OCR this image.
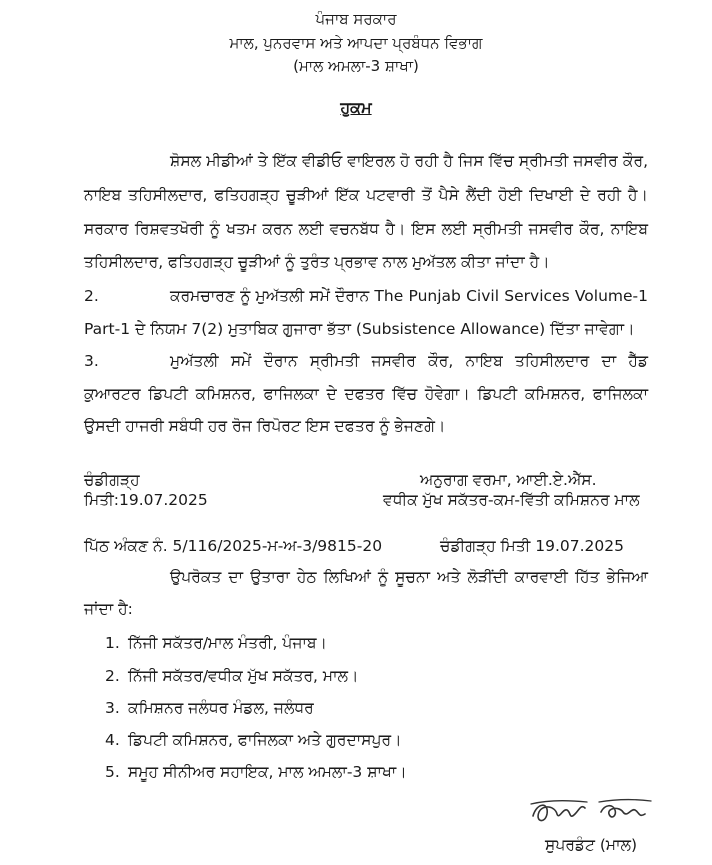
ਪੰਜਾਬ ਸਰਕਾਰ
ਮਾਲ, ਪੁਨਰਵਾਸ ਅਤੇ ਆਪਦਾ ਪ੍ਰਬੰਧਨ ਵਿਭਾਗ
(ਮਾਲ ਅਮਲਾ-3 ਸ਼ਾਖਾ)
ਹੁਕਮ
ਸ਼ੋਸਲ ਮੀਡੀਆਂ ਤੇ ਇੱਕ ਵੀਡੀਓ ਵਾਇਰਲ ਹੋ ਰਹੀ ਹੈ ਜਿਸ ਵਿੱਚ ਸ੍ਰੀਮਤੀ ਜਸਵੀਰ ਕੌਰ,
ਨਾਇਬ ਤਹਿਸੀਲਦਾਰ, ਫਤਿਹਗੜ੍ਹ ਚੂੜੀਆਂ ਇੱਕ ਪਟਵਾਰੀ ਤੋਂ ਪੈਸੇ ਲੈਂਦੀ ਹੋਈ ਦਿਖਾਈ ਦੇ ਰਹੀ ਹੈ।
ਸਰਕਾਰ ਰਿਸ਼ਵਤਖੋਰੀ ਨੂੰ ਖਤਮ ਕਰਨ ਲਈ ਵਚਨਬੱਧ ਹੈ। ਇਸ ਲਈ ਸ੍ਰੀਮਤੀ ਜਸਵੀਰ ਕੌਰ, ਨਾਇਬ
ਤਹਿਸੀਲਦਾਰ, ਫਤਿਹਗੜ੍ਹ ਚੂੜੀਆਂ ਨੂੰ ਤੁਰੰਤ ਪ੍ਰਭਾਵ ਨਾਲ ਮੁਅੱਤਲ ਕੀਤਾ ਜਾਂਦਾ ਹੈ।
2.	ਕਰਮਚਾਰਣ ਨੂੰ ਮੁਅੱਤਲੀ ਸਮੇਂ ਦੌਰਾਨ The Punjab Civil Services Volume-1
Part-1 ਦੇ ਨਿਯਮ 7(2) ਮੁਤਾਬਿਕ ਗੁਜਾਰਾ ਭੱਤਾ (Subsistence Allowance) ਦਿੱਤਾ ਜਾਵੇਗਾ।
3.	ਮੁਅੱਤਲੀ ਸਮੇਂ ਦੌਰਾਨ ਸ੍ਰੀਮਤੀ ਜਸਵੀਰ ਕੌਰ, ਨਾਇਬ ਤਹਿਸੀਲਦਾਰ ਦਾ ਹੈੱਡ
ਕੁਆਰਟਰ ਡਿਪਟੀ ਕਮਿਸ਼ਨਰ, ਫਾਜਿਲਕਾ ਦੇ ਦਫਤਰ ਵਿੱਚ ਹੋਵੇਗਾ। ਡਿਪਟੀ ਕਮਿਸ਼ਨਰ, ਫਾਜਿਲਕਾ
ਉਸਦੀ ਹਾਜਰੀ ਸਬੰਧੀ ਹਰ ਰੋਜ ਰਿਪੋਰਟ ਇਸ ਦਫਤਰ ਨੂੰ ਭੇਜਣਗੇ।
ਚੰਡੀਗੜ੍ਹ
ਮਿਤੀ:19.07.2025
ਅਨੁਰਾਗ ਵਰਮਾ, ਆਈ.ਏ.ਐੱਸ.
ਵਧੀਕ ਮੁੱਖ ਸਕੱਤਰ-ਕਮ-ਵਿੱਤੀ ਕਮਿਸ਼ਨਰ ਮਾਲ
ਪਿੱਠ ਅੰਕਣ ਨੰ. 5/116/2025-ਮ-ਅ-3/9815-20	ਚੰਡੀਗੜ੍ਹ ਮਿਤੀ 19.07.2025
ਉਪਰੋਕਤ ਦਾ ਉਤਾਰਾ ਹੇਠ ਲਿਖਿਆਂ ਨੂੰ ਸੂਚਨਾ ਅਤੇ ਲੋੜੀਂਦੀ ਕਾਰਵਾਈ ਹਿੱਤ ਭੇਜਿਆ
ਜਾਂਦਾ ਹੈ:
1. ਨਿੱਜੀ ਸਕੱਤਰ/ਮਾਲ ਮੰਤਰੀ, ਪੰਜਾਬ।
2. ਨਿੱਜੀ ਸਕੱਤਰ/ਵਧੀਕ ਮੁੱਖ ਸਕੱਤਰ, ਮਾਲ।
3. ਕਮਿਸ਼ਨਰ ਜਲੰਧਰ ਮੰਡਲ, ਜਲੰਧਰ
4. ਡਿਪਟੀ ਕਮਿਸ਼ਨਰ, ਫਾਜਿਲਕਾ ਅਤੇ ਗੁਰਦਾਸਪੁਰ।
5. ਸਮੂਹ ਸੀਨੀਅਰ ਸਹਾਇਕ, ਮਾਲ ਅਮਲਾ-3 ਸ਼ਾਖਾ।
ਸੁਪਰਡੰਟ (ਮਾਲ)
